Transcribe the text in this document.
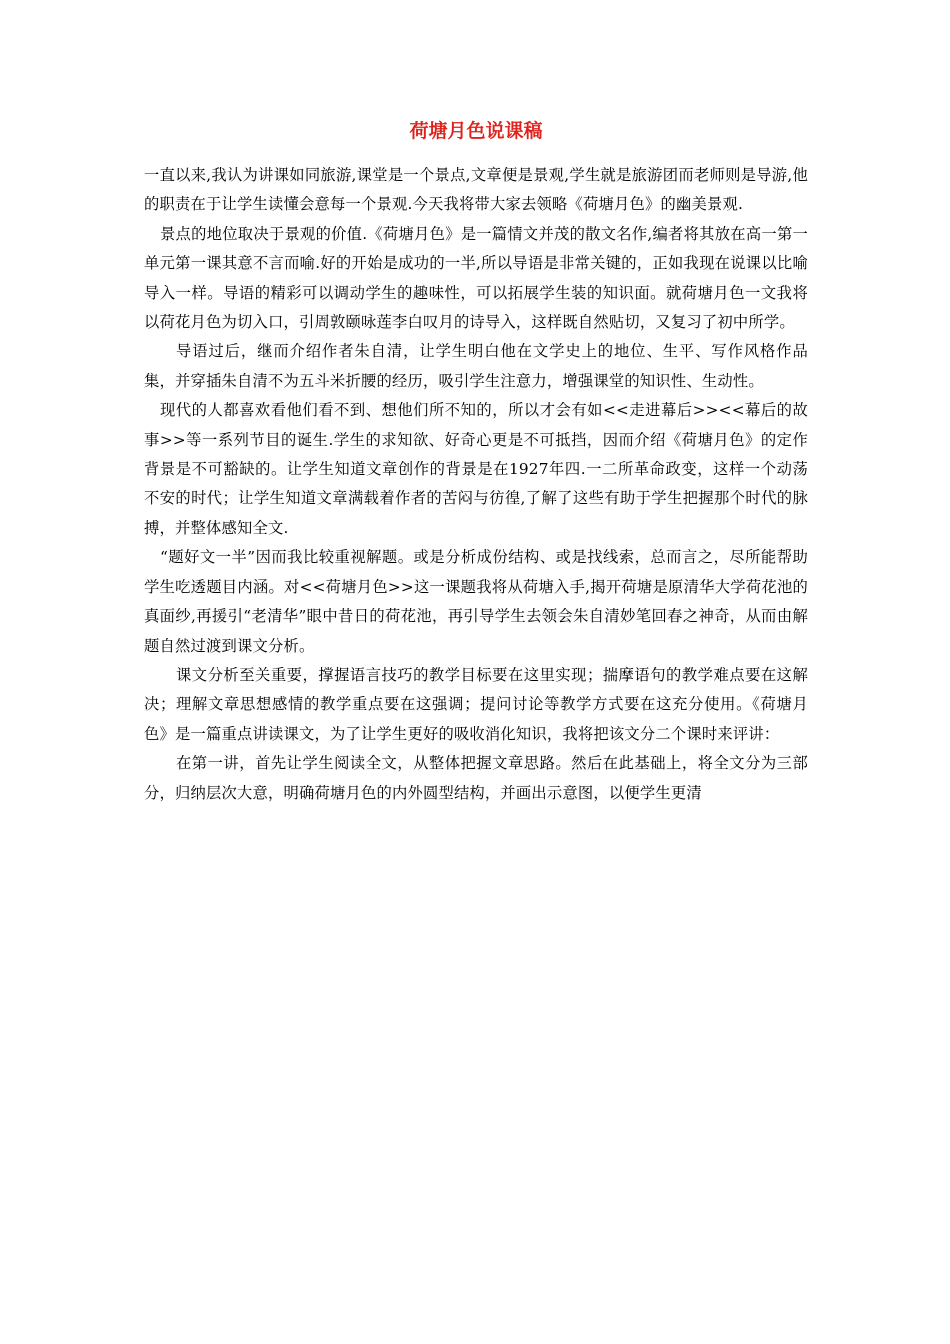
荷塘月色说课稿

一直以来,我认为讲课如同旅游,课堂是一个景点,文章便是景观,学生就是旅游团而老师则是导游,他的职责在于让学生读懂会意每一个景观.今天我将带大家去领略《荷塘月色》的幽美景观.

景点的地位取决于景观的价值.《荷塘月色》是一篇情文并茂的散文名作,编者将其放在高一第一单元第一课其意不言而喻.好的开始是成功的一半,所以导语是非常关键的，正如我现在说课以比喻导入一样。导语的精彩可以调动学生的趣味性，可以拓展学生装的知识面。就荷塘月色一文我将以荷花月色为切入口，引周敦颐咏莲李白叹月的诗导入，这样既自然贴切，又复习了初中所学。

导语过后，继而介绍作者朱自清，让学生明白他在文学史上的地位、生平、写作风格作品集，并穿插朱自清不为五斗米折腰的经历，吸引学生注意力，增强课堂的知识性、生动性。

现代的人都喜欢看他们看不到、想他们所不知的，所以才会有如<<走进幕后>><<幕后的故事>>等一系列节目的诞生.学生的求知欲、好奇心更是不可抵挡，因而介绍《荷塘月色》的定作背景是不可豁缺的。让学生知道文章创作的背景是在1927年四.一二所革命政变，这样一个动荡不安的时代；让学生知道文章满载着作者的苦闷与彷徨,了解了这些有助于学生把握那个时代的脉搏，并整体感知全文.

“题好文一半”因而我比较重视解题。或是分析成份结构、或是找线索，总而言之，尽所能帮助学生吃透题目内涵。对<<荷塘月色>>这一课题我将从荷塘入手,揭开荷塘是原清华大学荷花池的真面纱,再援引“老清华”眼中昔日的荷花池，再引导学生去领会朱自清妙笔回春之神奇，从而由解题自然过渡到课文分析。

课文分析至关重要，撑握语言技巧的教学目标要在这里实现；揣摩语句的教学难点要在这解决；理解文章思想感情的教学重点要在这强调；提问讨论等教学方式要在这充分使用。《荷塘月色》是一篇重点讲读课文，为了让学生更好的吸收消化知识，我将把该文分二个课时来评讲：

在第一讲，首先让学生阅读全文，从整体把握文章思路。然后在此基础上，将全文分为三部分，归纳层次大意，明确荷塘月色的内外圆型结构，并画出示意图，以便学生更清
